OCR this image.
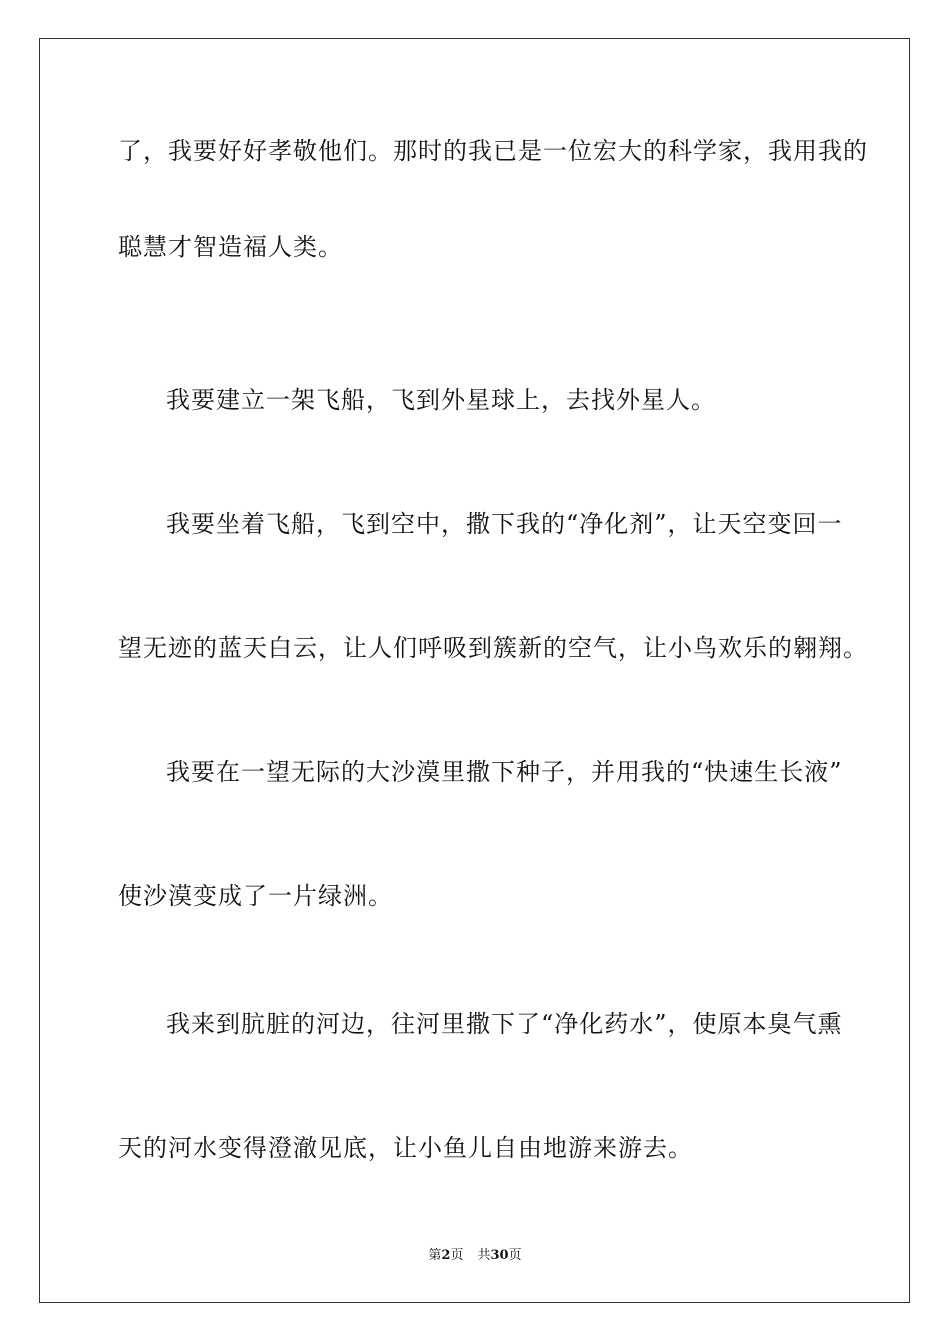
了，我要好好孝敬他们。那时的我已是一位宏大的科学家，我用我的
聪慧才智造福人类。
我要建立一架飞船，飞到外星球上，去找外星人。
我要坐着飞船，飞到空中，撒下我的“净化剂”，让天空变回一
望无迹的蓝天白云，让人们呼吸到簇新的空气，让小鸟欢乐的翱翔。
我要在一望无际的大沙漠里撒下种子，并用我的“快速生长液”
使沙漠变成了一片绿洲。
我来到肮脏的河边，往河里撒下了“净化药水”，使原本臭气熏
天的河水变得澄澈见底，让小鱼儿自由地游来游去。
第2页 共30页
